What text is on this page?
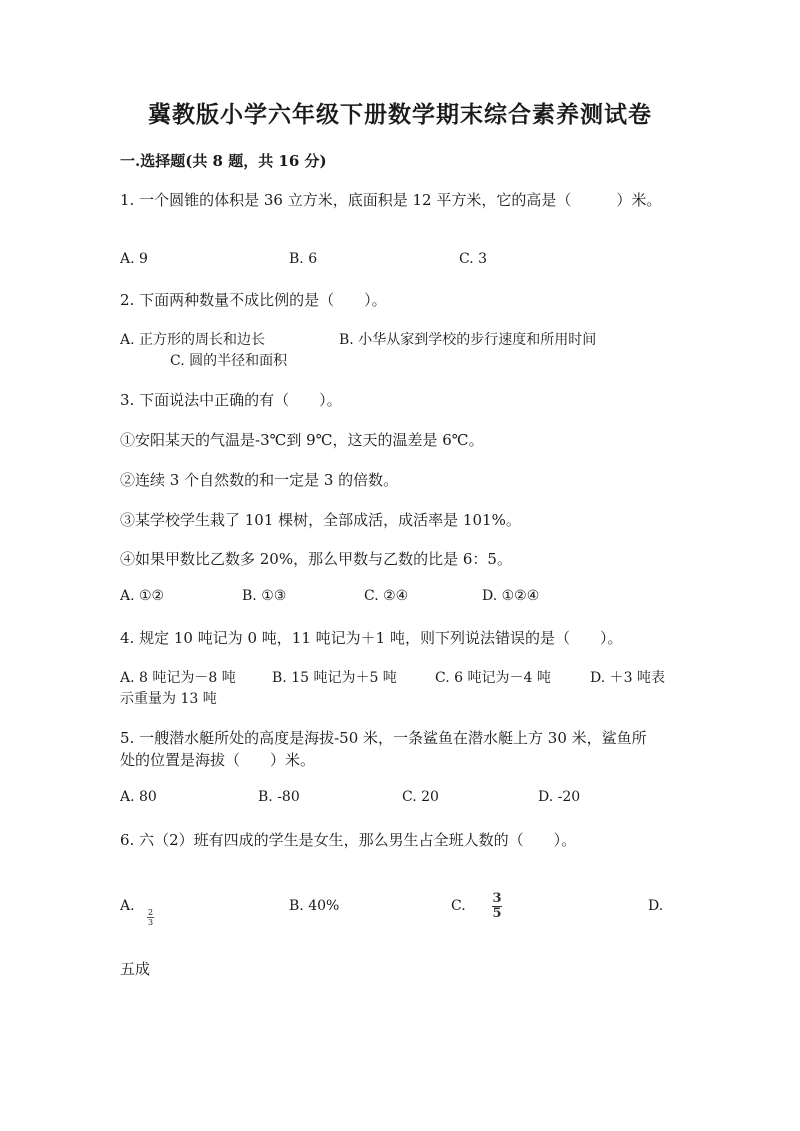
冀教版小学六年级下册数学期末综合素养测试卷
一.选择题(共 8 题，共 16 分)
1. 一个圆锥的体积是 36 立方米，底面积是 12 平方米，它的高是（　　　）米。
A. 9	B. 6	C. 3
2. 下面两种数量不成比例的是（　　）。
A. 正方形的周长和边长	B. 小华从家到学校的步行速度和所用时间
C. 圆的半径和面积
3. 下面说法中正确的有（　　）。
①安阳某天的气温是-3℃到 9℃，这天的温差是 6℃。
②连续 3 个自然数的和一定是 3 的倍数。
③某学校学生栽了 101 棵树，全部成活，成活率是 101%。
④如果甲数比乙数多 20%，那么甲数与乙数的比是 6：5。
A. ①②	B. ①③	C. ②④	D. ①②④
4. 规定 10 吨记为 0 吨，11 吨记为＋1 吨，则下列说法错误的是（　　）。
A. 8 吨记为－8 吨	B. 15 吨记为＋5 吨	C. 6 吨记为－4 吨	D. ＋3 吨表
示重量为 13 吨
5. 一艘潜水艇所处的高度是海拔-50 米，一条鲨鱼在潜水艇上方 30 米，鲨鱼所
处的位置是海拔（　　）米。
A. 80	B. -80	C. 20	D. -20
6. 六（2）班有四成的学生是女生，那么男生占全班人数的（　　）。
A. 2
3
B. 40%	C. 3
5	D.
五成
